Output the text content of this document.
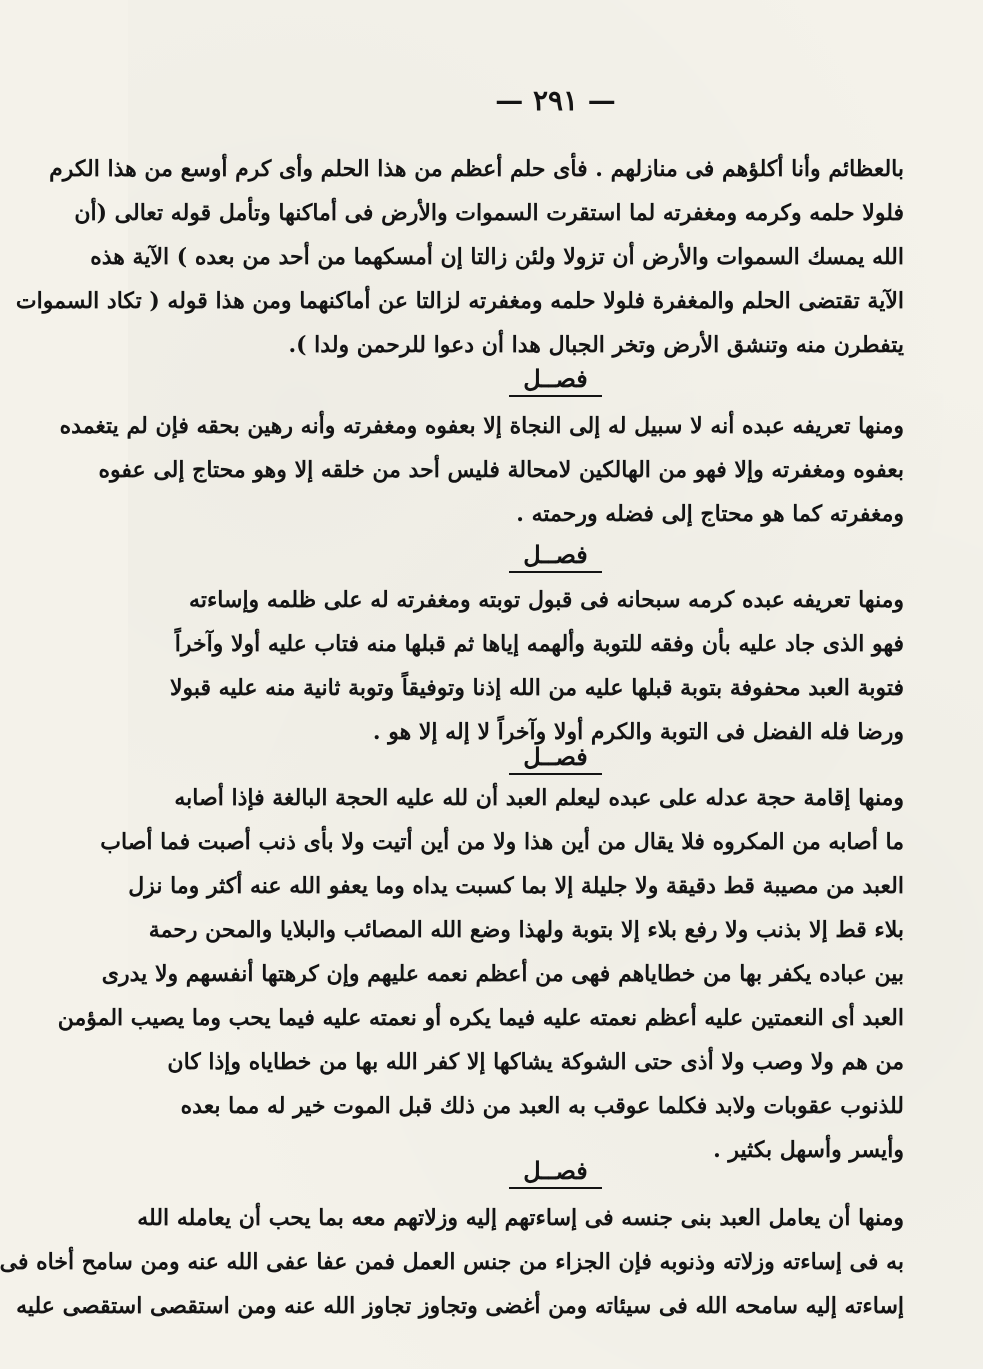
— ٢٩١ —
بالعظائم وأنا أكلؤهم فى منازلهم . فأى حلم أعظم من هذا الحلم وأى كرم أوسع من هذا الكرم
فلولا حلمه وكرمه ومغفرته لما استقرت السموات والأرض فى أماكنها وتأمل قوله تعالى (أن
الله يمسك السموات والأرض أن تزولا ولئن زالتا إن أمسكهما من أحد من بعده ) الآية هذه
الآية تقتضى الحلم والمغفرة فلولا حلمه ومغفرته لزالتا عن أماكنهما ومن هذا قوله ( تكاد السموات
يتفطرن منه وتنشق الأرض وتخر الجبال هدا أن دعوا للرحمن ولدا ).
فصــل
ومنها تعريفه عبده أنه لا سبيل له إلى النجاة إلا بعفوه ومغفرته وأنه رهين بحقه فإن لم يتغمده
بعفوه ومغفرته وإلا فهو من الهالكين لامحالة فليس أحد من خلقه إلا وهو محتاج إلى عفوه
ومغفرته كما هو محتاج إلى فضله ورحمته .
فصــل
ومنها تعريفه عبده كرمه سبحانه فى قبول توبته ومغفرته له على ظلمه وإساءته
فهو الذى جاد عليه بأن وفقه للتوبة وألهمه إياها ثم قبلها منه فتاب عليه أولا وآخراً
فتوبة العبد محفوفة بتوبة قبلها عليه من الله إذنا وتوفيقاً وتوبة ثانية منه عليه قبولا
ورضا فله الفضل فى التوبة والكرم أولا وآخراً لا إله إلا هو .
فصــل
ومنها إقامة حجة عدله على عبده ليعلم العبد أن لله عليه الحجة البالغة فإذا أصابه
ما أصابه من المكروه فلا يقال من أين هذا ولا من أين أتيت ولا بأى ذنب أصبت فما أصاب
العبد من مصيبة قط دقيقة ولا جليلة إلا بما كسبت يداه وما يعفو الله عنه أكثر وما نزل
بلاء قط إلا بذنب ولا رفع بلاء إلا بتوبة ولهذا وضع الله المصائب والبلايا والمحن رحمة
بين عباده يكفر بها من خطاياهم فهى من أعظم نعمه عليهم وإن كرهتها أنفسهم ولا يدرى
العبد أى النعمتين عليه أعظم نعمته عليه فيما يكره أو نعمته عليه فيما يحب وما يصيب المؤمن
من هم ولا وصب ولا أذى حتى الشوكة يشاكها إلا كفر الله بها من خطاياه وإذا كان
للذنوب عقوبات ولابد فكلما عوقب به العبد من ذلك قبل الموت خير له مما بعده
وأيسر وأسهل بكثير .
فصــل
ومنها أن يعامل العبد بنى جنسه فى إساءتهم إليه وزلاتهم معه بما يحب أن يعامله الله
به فى إساءته وزلاته وذنوبه فإن الجزاء من جنس العمل فمن عفا عفى الله عنه ومن سامح أخاه فى
إساءته إليه سامحه الله فى سيئاته ومن أغضى وتجاوز تجاوز الله عنه ومن استقصى استقصى عليه
